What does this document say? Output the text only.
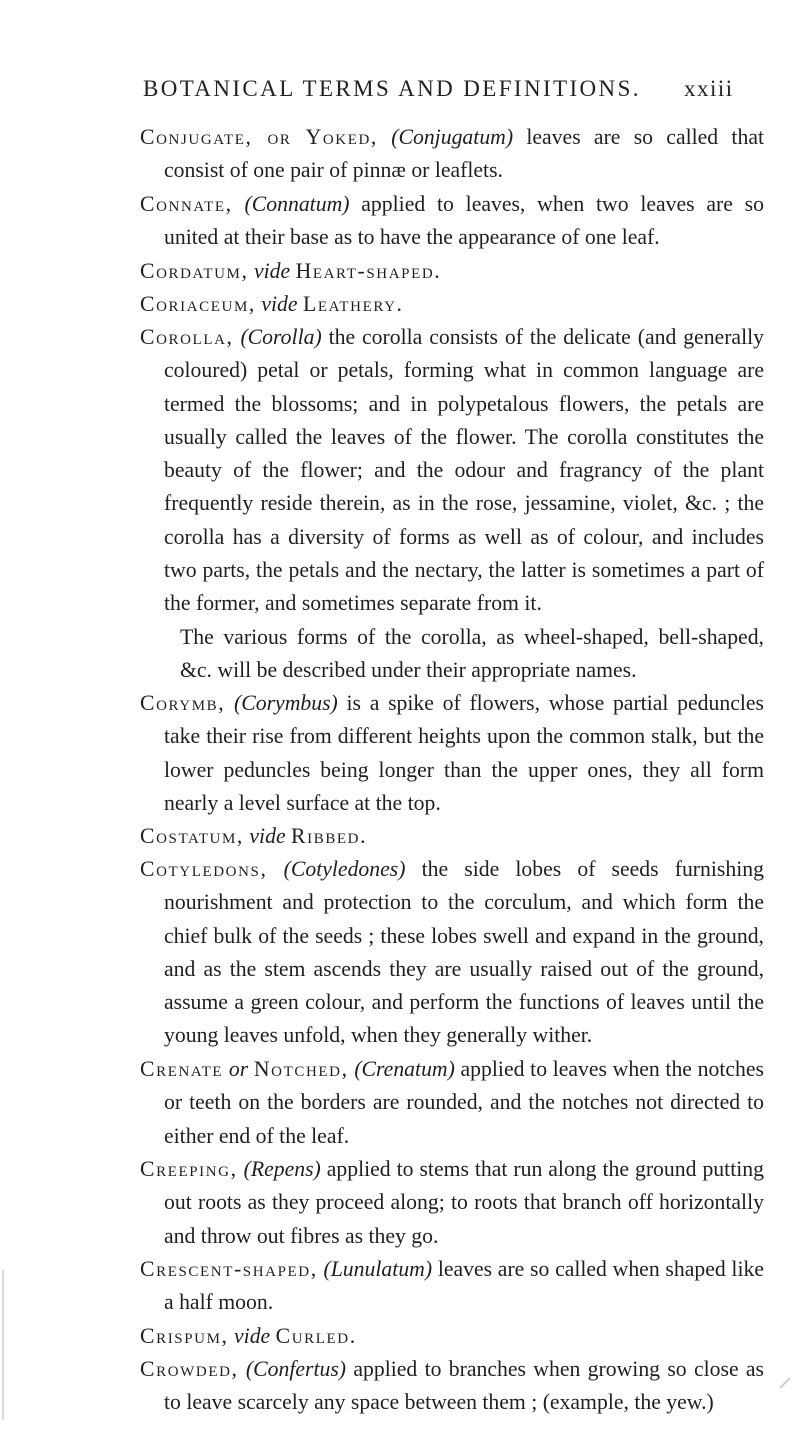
BOTANICAL TERMS AND DEFINITIONS. xxiii
Conjugate, or Yoked, (Conjugatum) leaves are so called that consist of one pair of pinnæ or leaflets.
Connate, (Connatum) applied to leaves, when two leaves are so united at their base as to have the appearance of one leaf.
Cordatum, vide Heart-shaped.
Coriaceum, vide Leathery.
Corolla, (Corolla) the corolla consists of the delicate (and generally coloured) petal or petals, forming what in common language are termed the blossoms; and in polypetalous flowers, the petals are usually called the leaves of the flower. The corolla constitutes the beauty of the flower; and the odour and fragrancy of the plant frequently reside therein, as in the rose, jessamine, violet, &c. ; the corolla has a diversity of forms as well as of colour, and includes two parts, the petals and the nectary, the latter is sometimes a part of the former, and sometimes separate from it.
The various forms of the corolla, as wheel-shaped, bell-shaped, &c. will be described under their appropriate names.
Corymb, (Corymbus) is a spike of flowers, whose partial peduncles take their rise from different heights upon the common stalk, but the lower peduncles being longer than the upper ones, they all form nearly a level surface at the top.
Costatum, vide Ribbed.
Cotyledons, (Cotyledones) the side lobes of seeds furnishing nourishment and protection to the corculum, and which form the chief bulk of the seeds ; these lobes swell and expand in the ground, and as the stem ascends they are usually raised out of the ground, assume a green colour, and perform the functions of leaves until the young leaves unfold, when they generally wither.
Crenate or Notched, (Crenatum) applied to leaves when the notches or teeth on the borders are rounded, and the notches not directed to either end of the leaf.
Creeping, (Repens) applied to stems that run along the ground putting out roots as they proceed along; to roots that branch off horizontally and throw out fibres as they go.
Crescent-shaped, (Lunulatum) leaves are so called when shaped like a half moon.
Crispum, vide Curled.
Crowded, (Confertus) applied to branches when growing so close as to leave scarcely any space between them ; (example, the yew.)
